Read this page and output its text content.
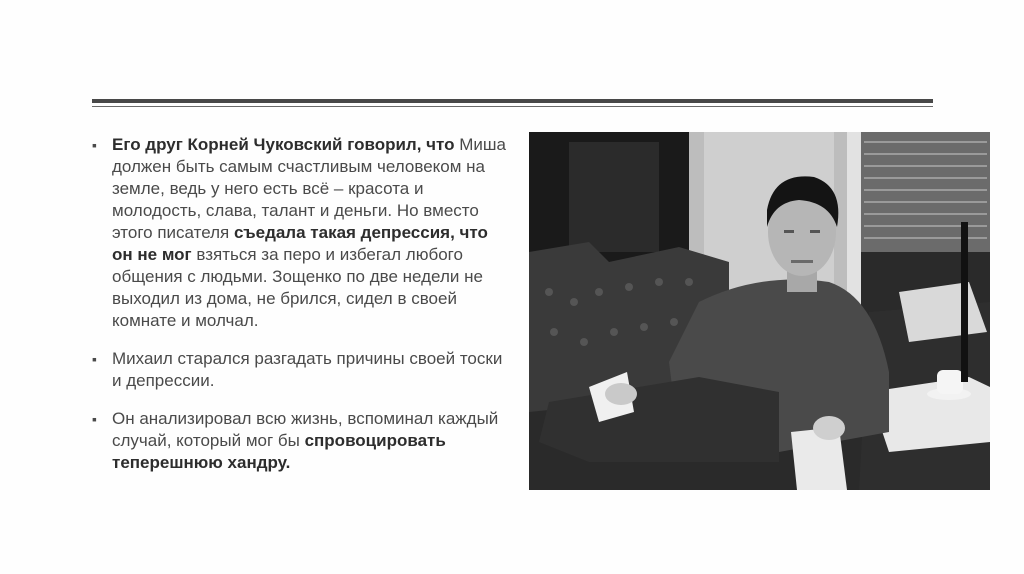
▪ Его друг Корней Чуковский говорил, что Миша должен быть самым счастливым человеком на земле, ведь у него есть всё – красота и молодость, слава, талант и деньги. Но вместо этого писателя съедала такая депрессия, что он не мог взяться за перо и избегал любого общения с людьми. Зощенко по две недели не выходил из дома, не брился, сидел в своей комнате и молчал.
▪ Михаил старался разгадать причины своей тоски и депрессии.
▪ Он анализировал всю жизнь, вспоминал каждый случай, который мог бы спровоцировать теперешнюю хандру.
